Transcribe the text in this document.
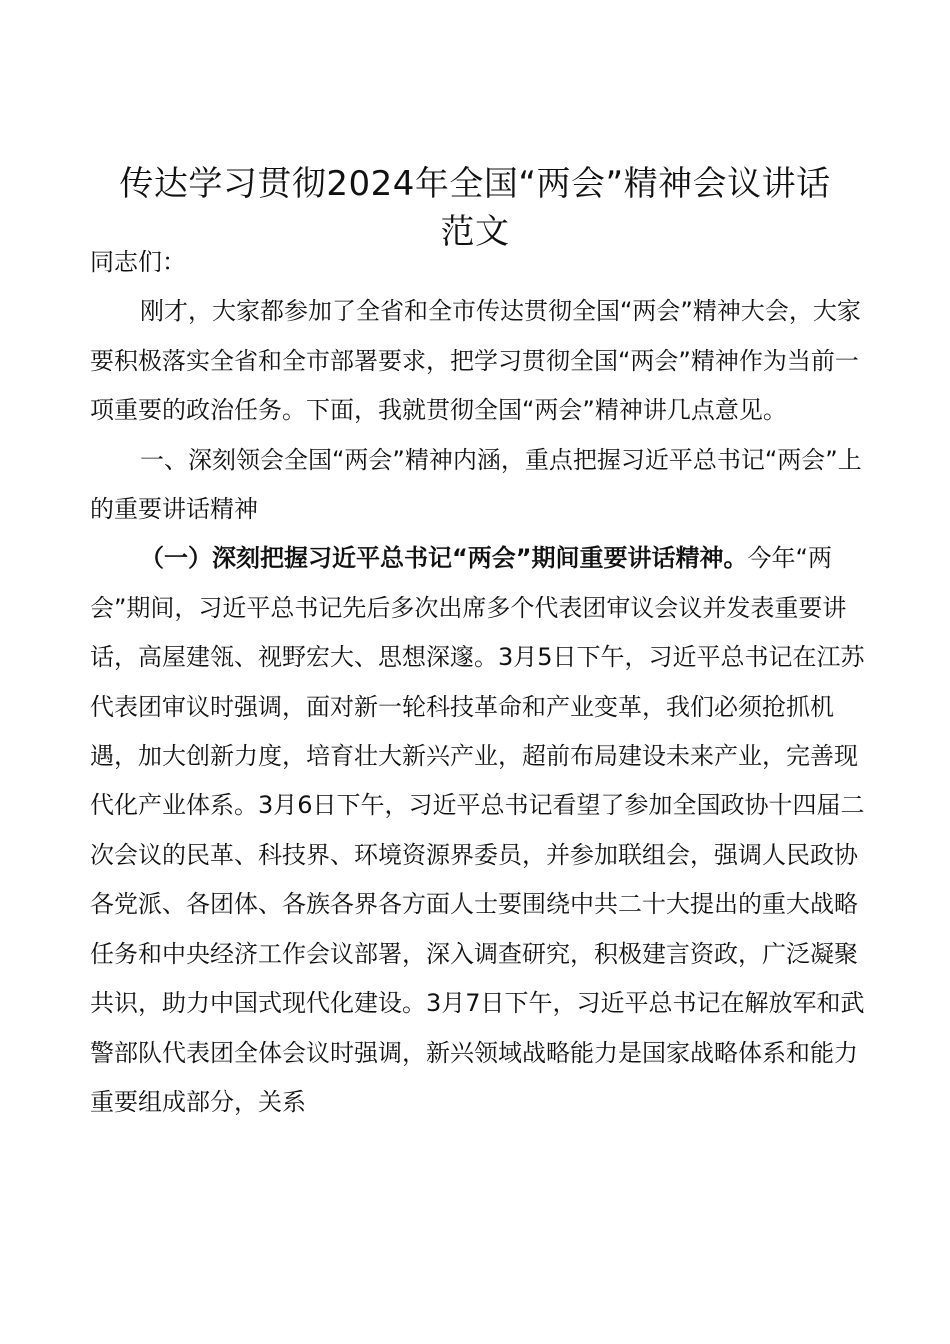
传达学习贯彻2024年全国“两会”精神会议讲话
范文

同志们：

刚才，大家都参加了全省和全市传达贯彻全国“两会”精神大会，大家要积极落实全省和全市部署要求，把学习贯彻全国“两会”精神作为当前一项重要的政治任务。下面，我就贯彻全国“两会”精神讲几点意见。

一、深刻领会全国“两会”精神内涵，重点把握习近平总书记“两会”上的重要讲话精神

（一）深刻把握习近平总书记“两会”期间重要讲话精神。今年“两会”期间，习近平总书记先后多次出席多个代表团审议会议并发表重要讲话，高屋建瓴、视野宏大、思想深邃。3月5日下午，习近平总书记在江苏代表团审议时强调，面对新一轮科技革命和产业变革，我们必须抢抓机遇，加大创新力度，培育壮大新兴产业，超前布局建设未来产业，完善现代化产业体系。3月6日下午，习近平总书记看望了参加全国政协十四届二次会议的民革、科技界、环境资源界委员，并参加联组会，强调人民政协各党派、各团体、各族各界各方面人士要围绕中共二十大提出的重大战略任务和中央经济工作会议部署，深入调查研究，积极建言资政，广泛凝聚共识，助力中国式现代化建设。3月7日下午，习近平总书记在解放军和武警部队代表团全体会议时强调，新兴领域战略能力是国家战略体系和能力重要组成部分，关系
